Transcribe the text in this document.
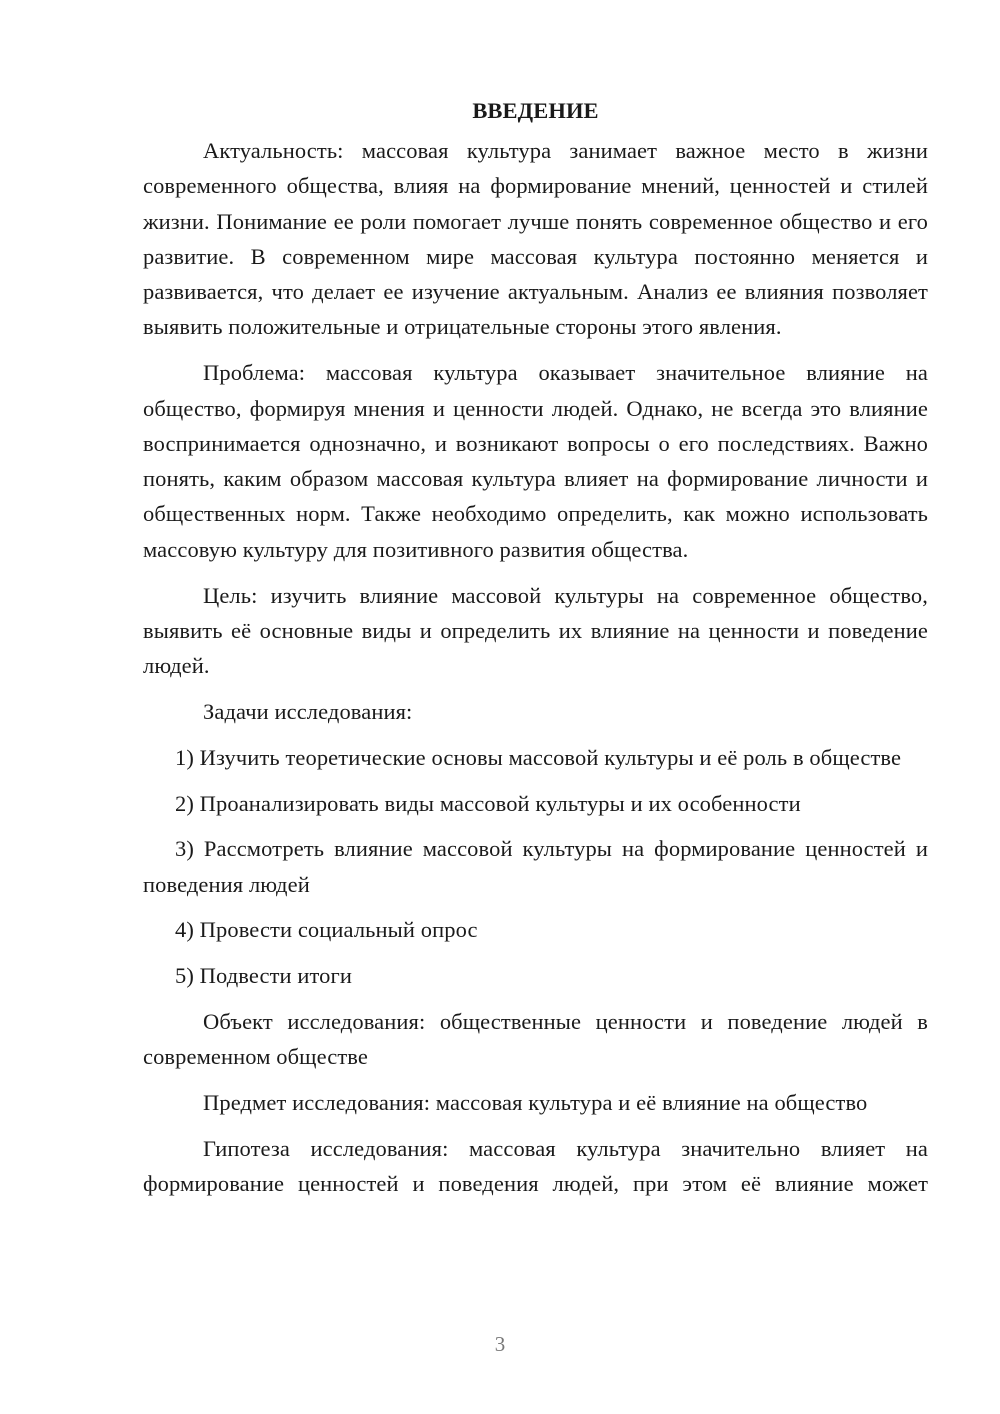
ВВЕДЕНИЕ

Актуальность: массовая культура занимает важное место в жизни современного общества, влияя на формирование мнений, ценностей и стилей жизни. Понимание ее роли помогает лучше понять современное общество и его развитие. В современном мире массовая культура постоянно меняется и развивается, что делает ее изучение актуальным. Анализ ее влияния позволяет выявить положительные и отрицательные стороны этого явления.

Проблема: массовая культура оказывает значительное влияние на общество, формируя мнения и ценности людей. Однако, не всегда это влияние воспринимается однозначно, и возникают вопросы о его последствиях. Важно понять, каким образом массовая культура влияет на формирование личности и общественных норм. Также необходимо определить, как можно использовать массовую культуру для позитивного развития общества.

Цель: изучить влияние массовой культуры на современное общество, выявить её основные виды и определить их влияние на ценности и поведение людей.

Задачи исследования:

1) Изучить теоретические основы массовой культуры и её роль в обществе

2) Проанализировать виды массовой культуры и их особенности

3) Рассмотреть влияние массовой культуры на формирование ценностей и поведения людей

4) Провести социальный опрос

5) Подвести итоги

Объект исследования: общественные ценности и поведение людей в современном обществе

Предмет исследования: массовая культура и её влияние на общество

Гипотеза исследования: массовая культура значительно влияет на формирование ценностей и поведения людей, при этом её влияние может

3
